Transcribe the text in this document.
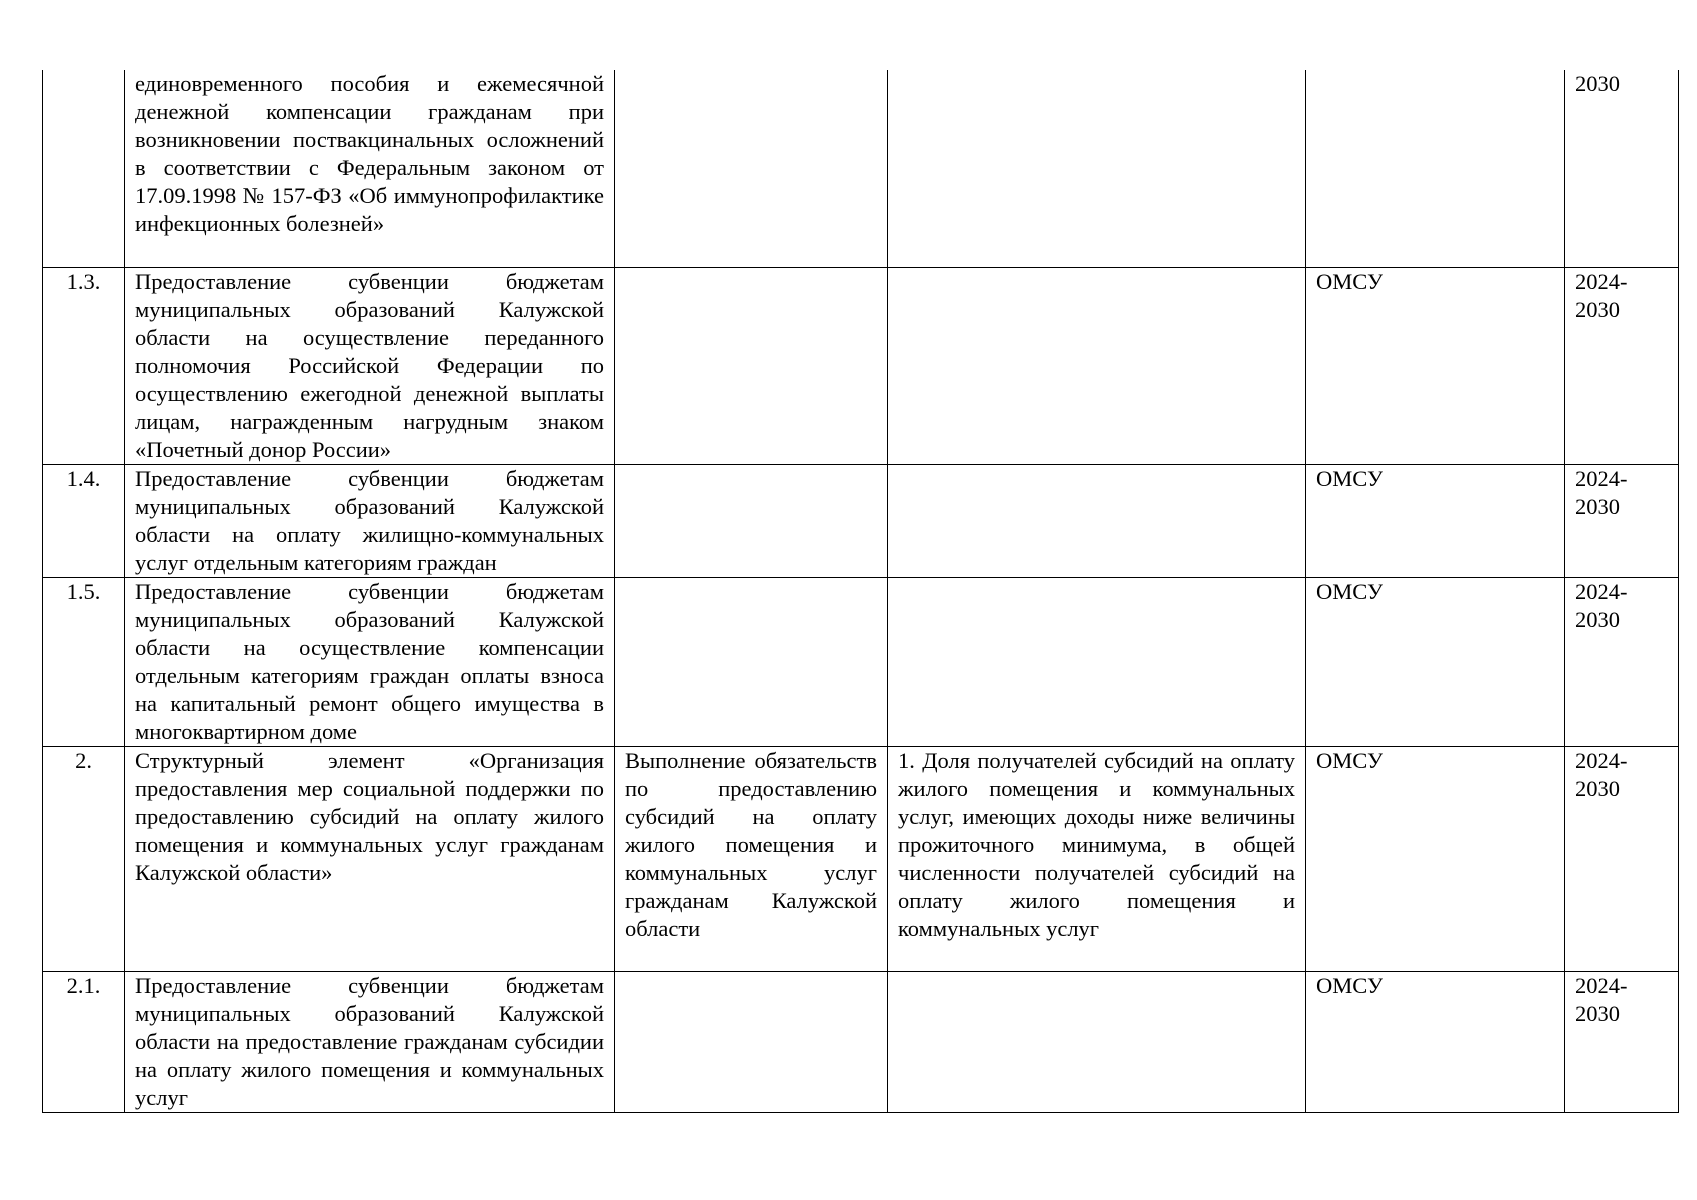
	единовременного пособия и ежемесячной денежной компенсации гражданам при возникновении поствакцинальных осложнений в соответствии с Федеральным законом от 17.09.1998 № 157-ФЗ «Об иммунопрофилактике инфекционных болезней»				2030
1.3.	Предоставление субвенции бюджетам муниципальных образований Калужской области на осуществление переданного полномочия Российской Федерации по осуществлению ежегодной денежной выплаты лицам, награжденным нагрудным знаком «Почетный донор России»			ОМСУ	2024-2030
1.4.	Предоставление субвенции бюджетам муниципальных образований Калужской области на оплату жилищно-коммунальных услуг отдельным категориям граждан			ОМСУ	2024-2030
1.5.	Предоставление субвенции бюджетам муниципальных образований Калужской области на осуществление компенсации отдельным категориям граждан оплаты взноса на капитальный ремонт общего имущества в многоквартирном доме			ОМСУ	2024-2030
2.	Структурный элемент «Организация предоставления мер социальной поддержки по предоставлению субсидий на оплату жилого помещения и коммунальных услуг гражданам Калужской области»	Выполнение обязательств по предоставлению субсидий на оплату жилого помещения и коммунальных услуг гражданам Калужской области	1. Доля получателей субсидий на оплату жилого помещения и коммунальных услуг, имеющих доходы ниже величины прожиточного минимума, в общей численности получателей субсидий на оплату жилого помещения и коммунальных услуг	ОМСУ	2024-2030
2.1.	Предоставление субвенции бюджетам муниципальных образований Калужской области на предоставление гражданам субсидии на оплату жилого помещения и коммунальных услуг			ОМСУ	2024-2030
